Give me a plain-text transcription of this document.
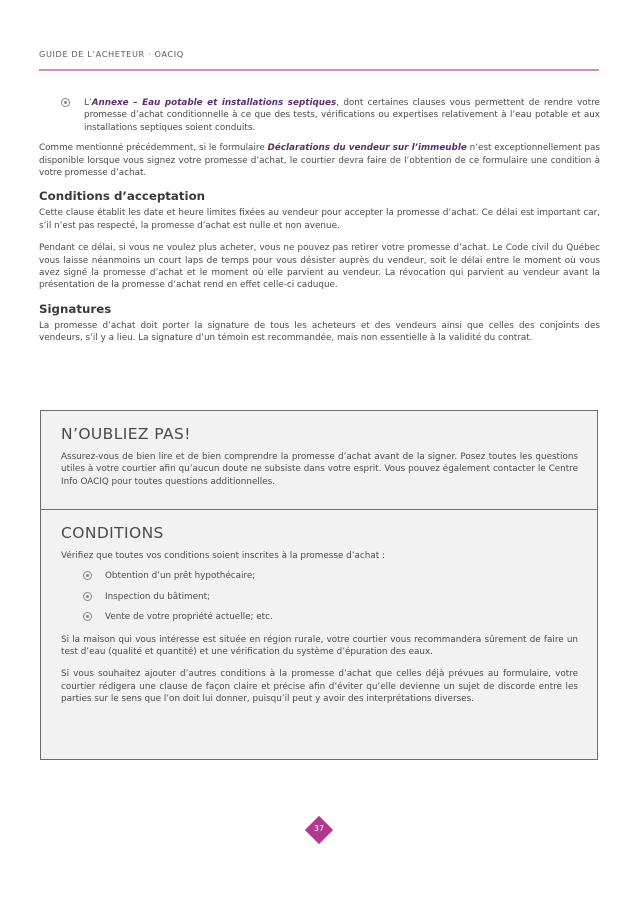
GUIDE DE L’ACHETEUR · OACIQ

L’Annexe – Eau potable et installations septiques, dont certaines clauses vous permettent de rendre votre promesse d’achat conditionnelle à ce que des tests, vérifications ou expertises relativement à l’eau potable et aux installations septiques soient conduits.

Comme mentionné précédemment, si le formulaire Déclarations du vendeur sur l’immeuble n’est exceptionnellement pas disponible lorsque vous signez votre promesse d’achat, le courtier devra faire de l’obtention de ce formulaire une condition à votre promesse d’achat.

Conditions d’acceptation

Cette clause établit les date et heure limites fixées au vendeur pour accepter la promesse d’achat. Ce délai est important car, s’il n’est pas respecté, la promesse d’achat est nulle et non avenue.

Pendant ce délai, si vous ne voulez plus acheter, vous ne pouvez pas retirer votre promesse d’achat. Le Code civil du Québec vous laisse néanmoins un court laps de temps pour vous désister auprès du vendeur, soit le délai entre le moment où vous avez signé la promesse d’achat et le moment où elle parvient au vendeur. La révocation qui parvient au vendeur avant la présentation de la promesse d’achat rend en effet celle-ci caduque.

Signatures

La promesse d’achat doit porter la signature de tous les acheteurs et des vendeurs ainsi que celles des conjoints des vendeurs, s’il y a lieu. La signature d’un témoin est recommandée, mais non essentielle à la validité du contrat.

N’OUBLIEZ PAS!

Assurez-vous de bien lire et de bien comprendre la promesse d’achat avant de la signer. Posez toutes les questions utiles à votre courtier afin qu’aucun doute ne subsiste dans votre esprit. Vous pouvez également contacter le Centre Info OACIQ pour toutes questions additionnelles.

CONDITIONS

Vérifiez que toutes vos conditions soient inscrites à la promesse d’achat :

Obtention d’un prêt hypothécaire;
Inspection du bâtiment;
Vente de votre propriété actuelle; etc.

Si la maison qui vous intéresse est située en région rurale, votre courtier vous recommandera sûrement de faire un test d’eau (qualité et quantité) et une vérification du système d’épuration des eaux.

Si vous souhaitez ajouter d’autres conditions à la promesse d’achat que celles déjà prévues au formulaire, votre courtier rédigera une clause de façon claire et précise afin d’éviter qu’elle devienne un sujet de discorde entre les parties sur le sens que l’on doit lui donner, puisqu’il peut y avoir des interprétations diverses.

37
